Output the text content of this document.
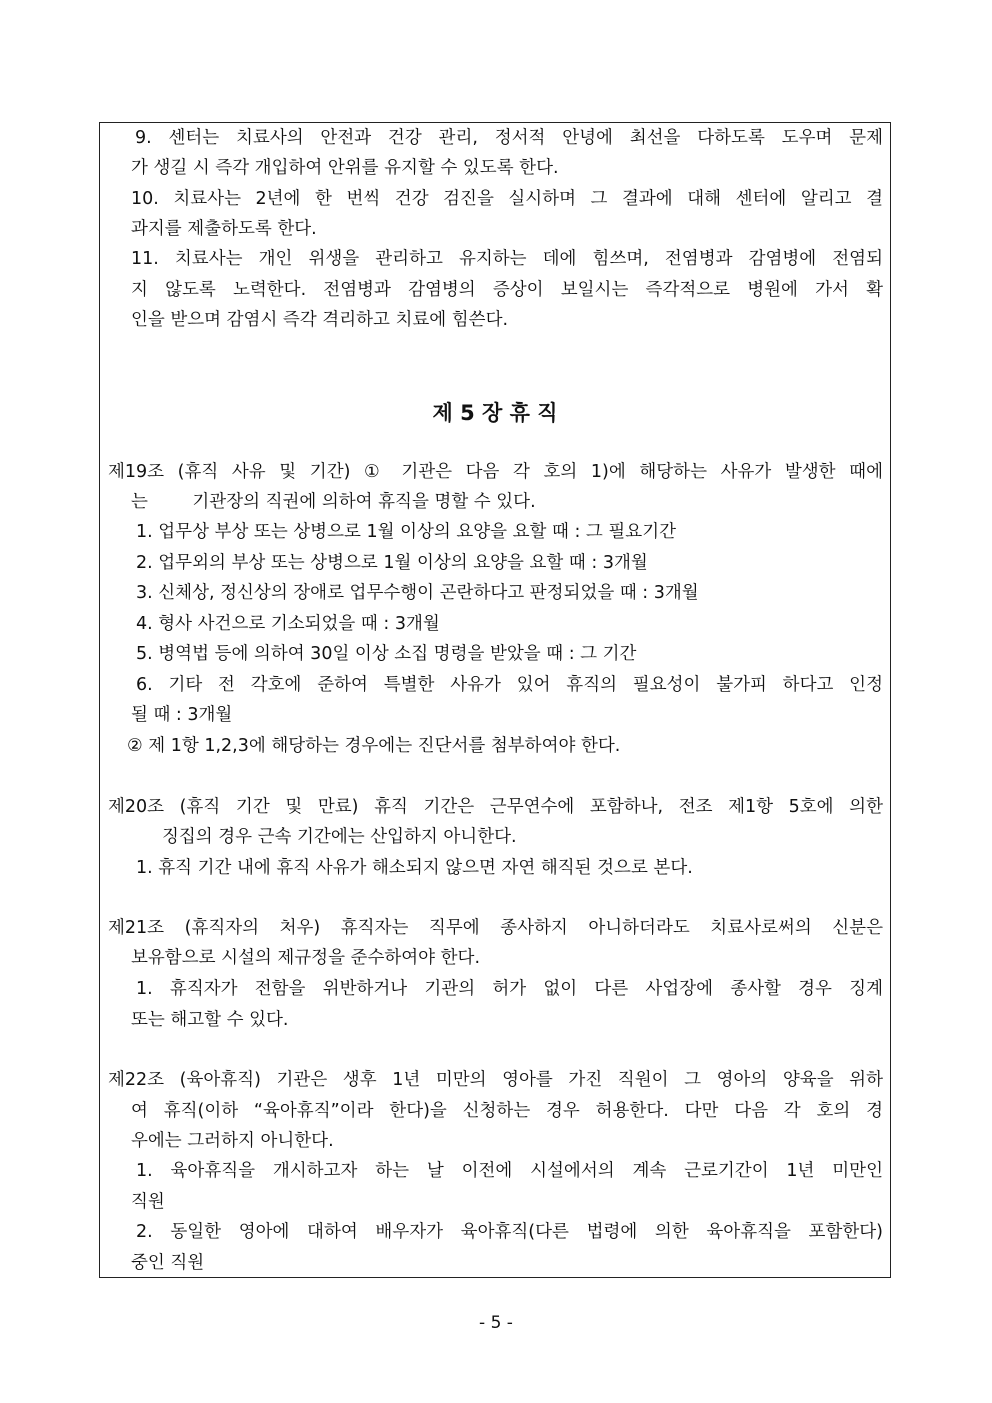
9. 센터는 치료사의 안전과 건강 관리, 정서적 안녕에 최선을 다하도록 도우며 문제
가 생길 시 즉각 개입하여 안위를 유지할 수 있도록 한다.
10. 치료사는 2년에 한 번씩 건강 검진을 실시하며 그 결과에 대해 센터에 알리고 결
과지를 제출하도록 한다.
11. 치료사는 개인 위생을 관리하고 유지하는 데에 힘쓰며, 전염병과 감염병에 전염되
지 않도록 노력한다. 전염병과 감염병의 증상이 보일시는 즉각적으로 병원에 가서 확
인을 받으며 감염시 즉각 격리하고 치료에 힘쓴다.
제 5 장 휴 직
제19조 (휴직 사유 및 기간) ① 기관은 다음 각 호의 1)에 해당하는 사유가 발생한 때에
는        기관장의 직권에 의하여 휴직을 명할 수 있다.
1. 업무상 부상 또는 상병으로 1월 이상의 요양을 요할 때 : 그 필요기간
2. 업무외의 부상 또는 상병으로 1월 이상의 요양을 요할 때 : 3개월
3. 신체상, 정신상의 장애로 업무수행이 곤란하다고 판정되었을 때 : 3개월
4. 형사 사건으로 기소되었을 때 : 3개월
5. 병역법 등에 의하여 30일 이상 소집 명령을 받았을 때 : 그 기간
6. 기타 전 각호에 준하여 특별한 사유가 있어 휴직의 필요성이 불가피 하다고 인정
될 때 : 3개월
② 제 1항 1,2,3에 해당하는 경우에는 진단서를 첨부하여야 한다.
제20조 (휴직 기간 및 만료) 휴직 기간은 근무연수에 포함하나, 전조 제1항 5호에 의한
징집의 경우 근속 기간에는 산입하지 아니한다.
1. 휴직 기간 내에 휴직 사유가 해소되지 않으면 자연 해직된 것으로 본다.
제21조 (휴직자의 처우) 휴직자는 직무에 종사하지 아니하더라도 치료사로써의 신분은
보유함으로 시설의 제규정을 준수하여야 한다.
1. 휴직자가 전함을 위반하거나 기관의 허가 없이 다른 사업장에 종사할 경우 징계
또는 해고할 수 있다.
제22조 (육아휴직) 기관은 생후 1년 미만의 영아를 가진 직원이 그 영아의 양육을 위하
여 휴직(이하 “육아휴직”이라 한다)을 신청하는 경우 허용한다. 다만 다음 각 호의 경
우에는 그러하지 아니한다.
1. 육아휴직을 개시하고자 하는 날 이전에 시설에서의 계속 근로기간이 1년 미만인
직원
2. 동일한 영아에 대하여 배우자가 육아휴직(다른 법령에 의한 육아휴직을 포함한다)
중인 직원
- 5 -
